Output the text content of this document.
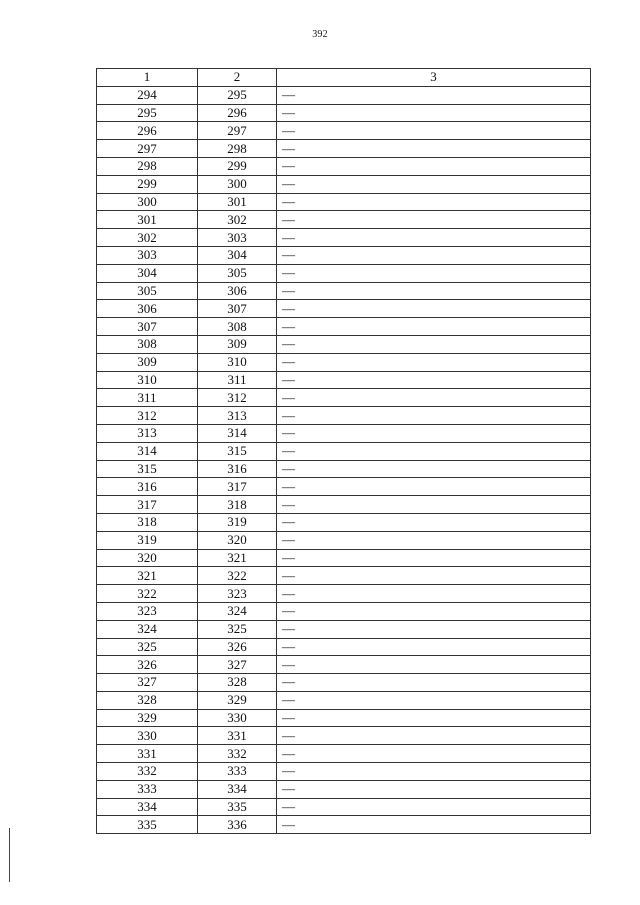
392
1	2	3
294	295	—
295	296	—
296	297	—
297	298	—
298	299	—
299	300	—
300	301	—
301	302	—
302	303	—
303	304	—
304	305	—
305	306	—
306	307	—
307	308	—
308	309	—
309	310	—
310	311	—
311	312	—
312	313	—
313	314	—
314	315	—
315	316	—
316	317	—
317	318	—
318	319	—
319	320	—
320	321	—
321	322	—
322	323	—
323	324	—
324	325	—
325	326	—
326	327	—
327	328	—
328	329	—
329	330	—
330	331	—
331	332	—
332	333	—
333	334	—
334	335	—
335	336	—
